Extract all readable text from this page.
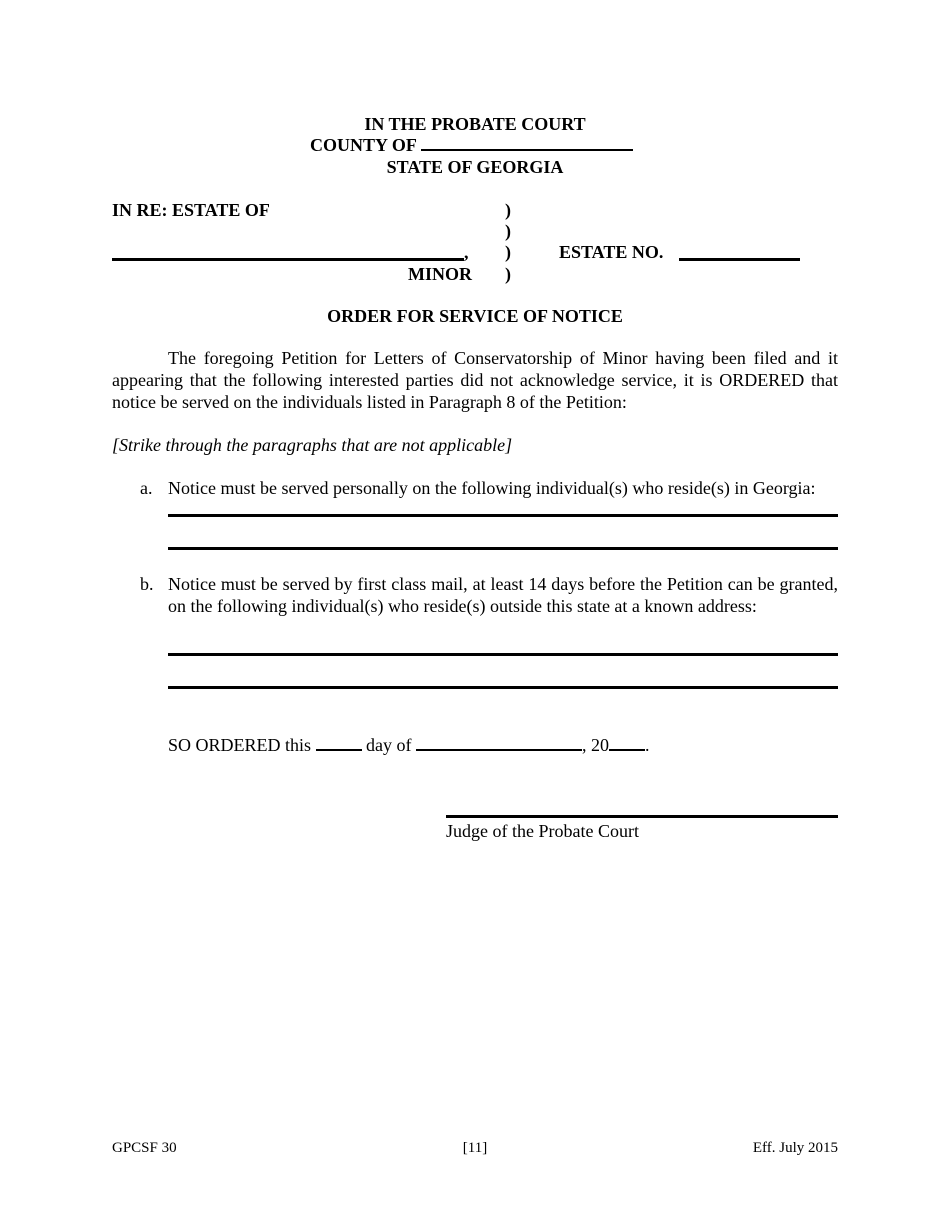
IN THE PROBATE COURT
COUNTY OF
STATE OF GEORGIA
IN RE: ESTATE OF	)
)
)
)
,
MINOR
ESTATE NO.
ORDER FOR SERVICE OF NOTICE
The foregoing Petition for Letters of Conservatorship of Minor having been filed and it appearing that the following interested parties did not acknowledge service, it is ORDERED that notice be served on the individuals listed in Paragraph 8 of the Petition:
[Strike through the paragraphs that are not applicable]
a. Notice must be served personally on the following individual(s) who reside(s) in Georgia:
b. Notice must be served by first class mail, at least 14 days before the Petition can be granted, on the following individual(s) who reside(s) outside this state at a known address:
SO ORDERED this	day of	, 20 .
Judge of the Probate Court
GPCSF 30	[11]	Eff. July 2015
